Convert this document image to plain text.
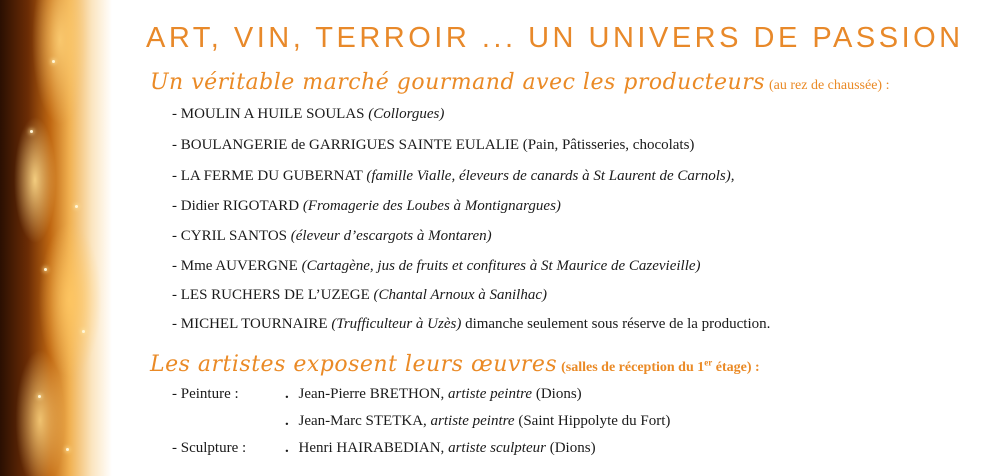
ART, VIN, TERROIR ... UN UNIVERS DE PASSION
Un véritable marché gourmand avec les producteurs (au rez de chaussée) :
- MOULIN A HUILE SOULAS (Collorgues)
- BOULANGERIE de GARRIGUES SAINTE EULALIE (Pain, Pâtisseries, chocolats)
- LA FERME DU GUBERNAT (famille Vialle, éleveurs de canards à St Laurent de Carnols),
- Didier RIGOTARD (Fromagerie des Loubes à Montignargues)
- CYRIL SANTOS (éleveur d’escargots à Montaren)
- Mme AUVERGNE (Cartagène, jus de fruits et confitures à St Maurice de Cazevieille)
- LES RUCHERS DE L’UZEGE (Chantal Arnoux à Sanilhac)
- MICHEL TOURNAIRE (Trufficulteur à Uzès) dimanche seulement sous réserve de la production.
Les artistes exposent leurs œuvres (salles de réception du 1er étage) :
- Peinture :	. Jean-Pierre BRETHON, artiste peintre (Dions)
. Jean-Marc STETKA, artiste peintre (Saint Hippolyte du Fort)
- Sculpture :	. Henri HAIRABEDIAN, artiste sculpteur (Dions)
